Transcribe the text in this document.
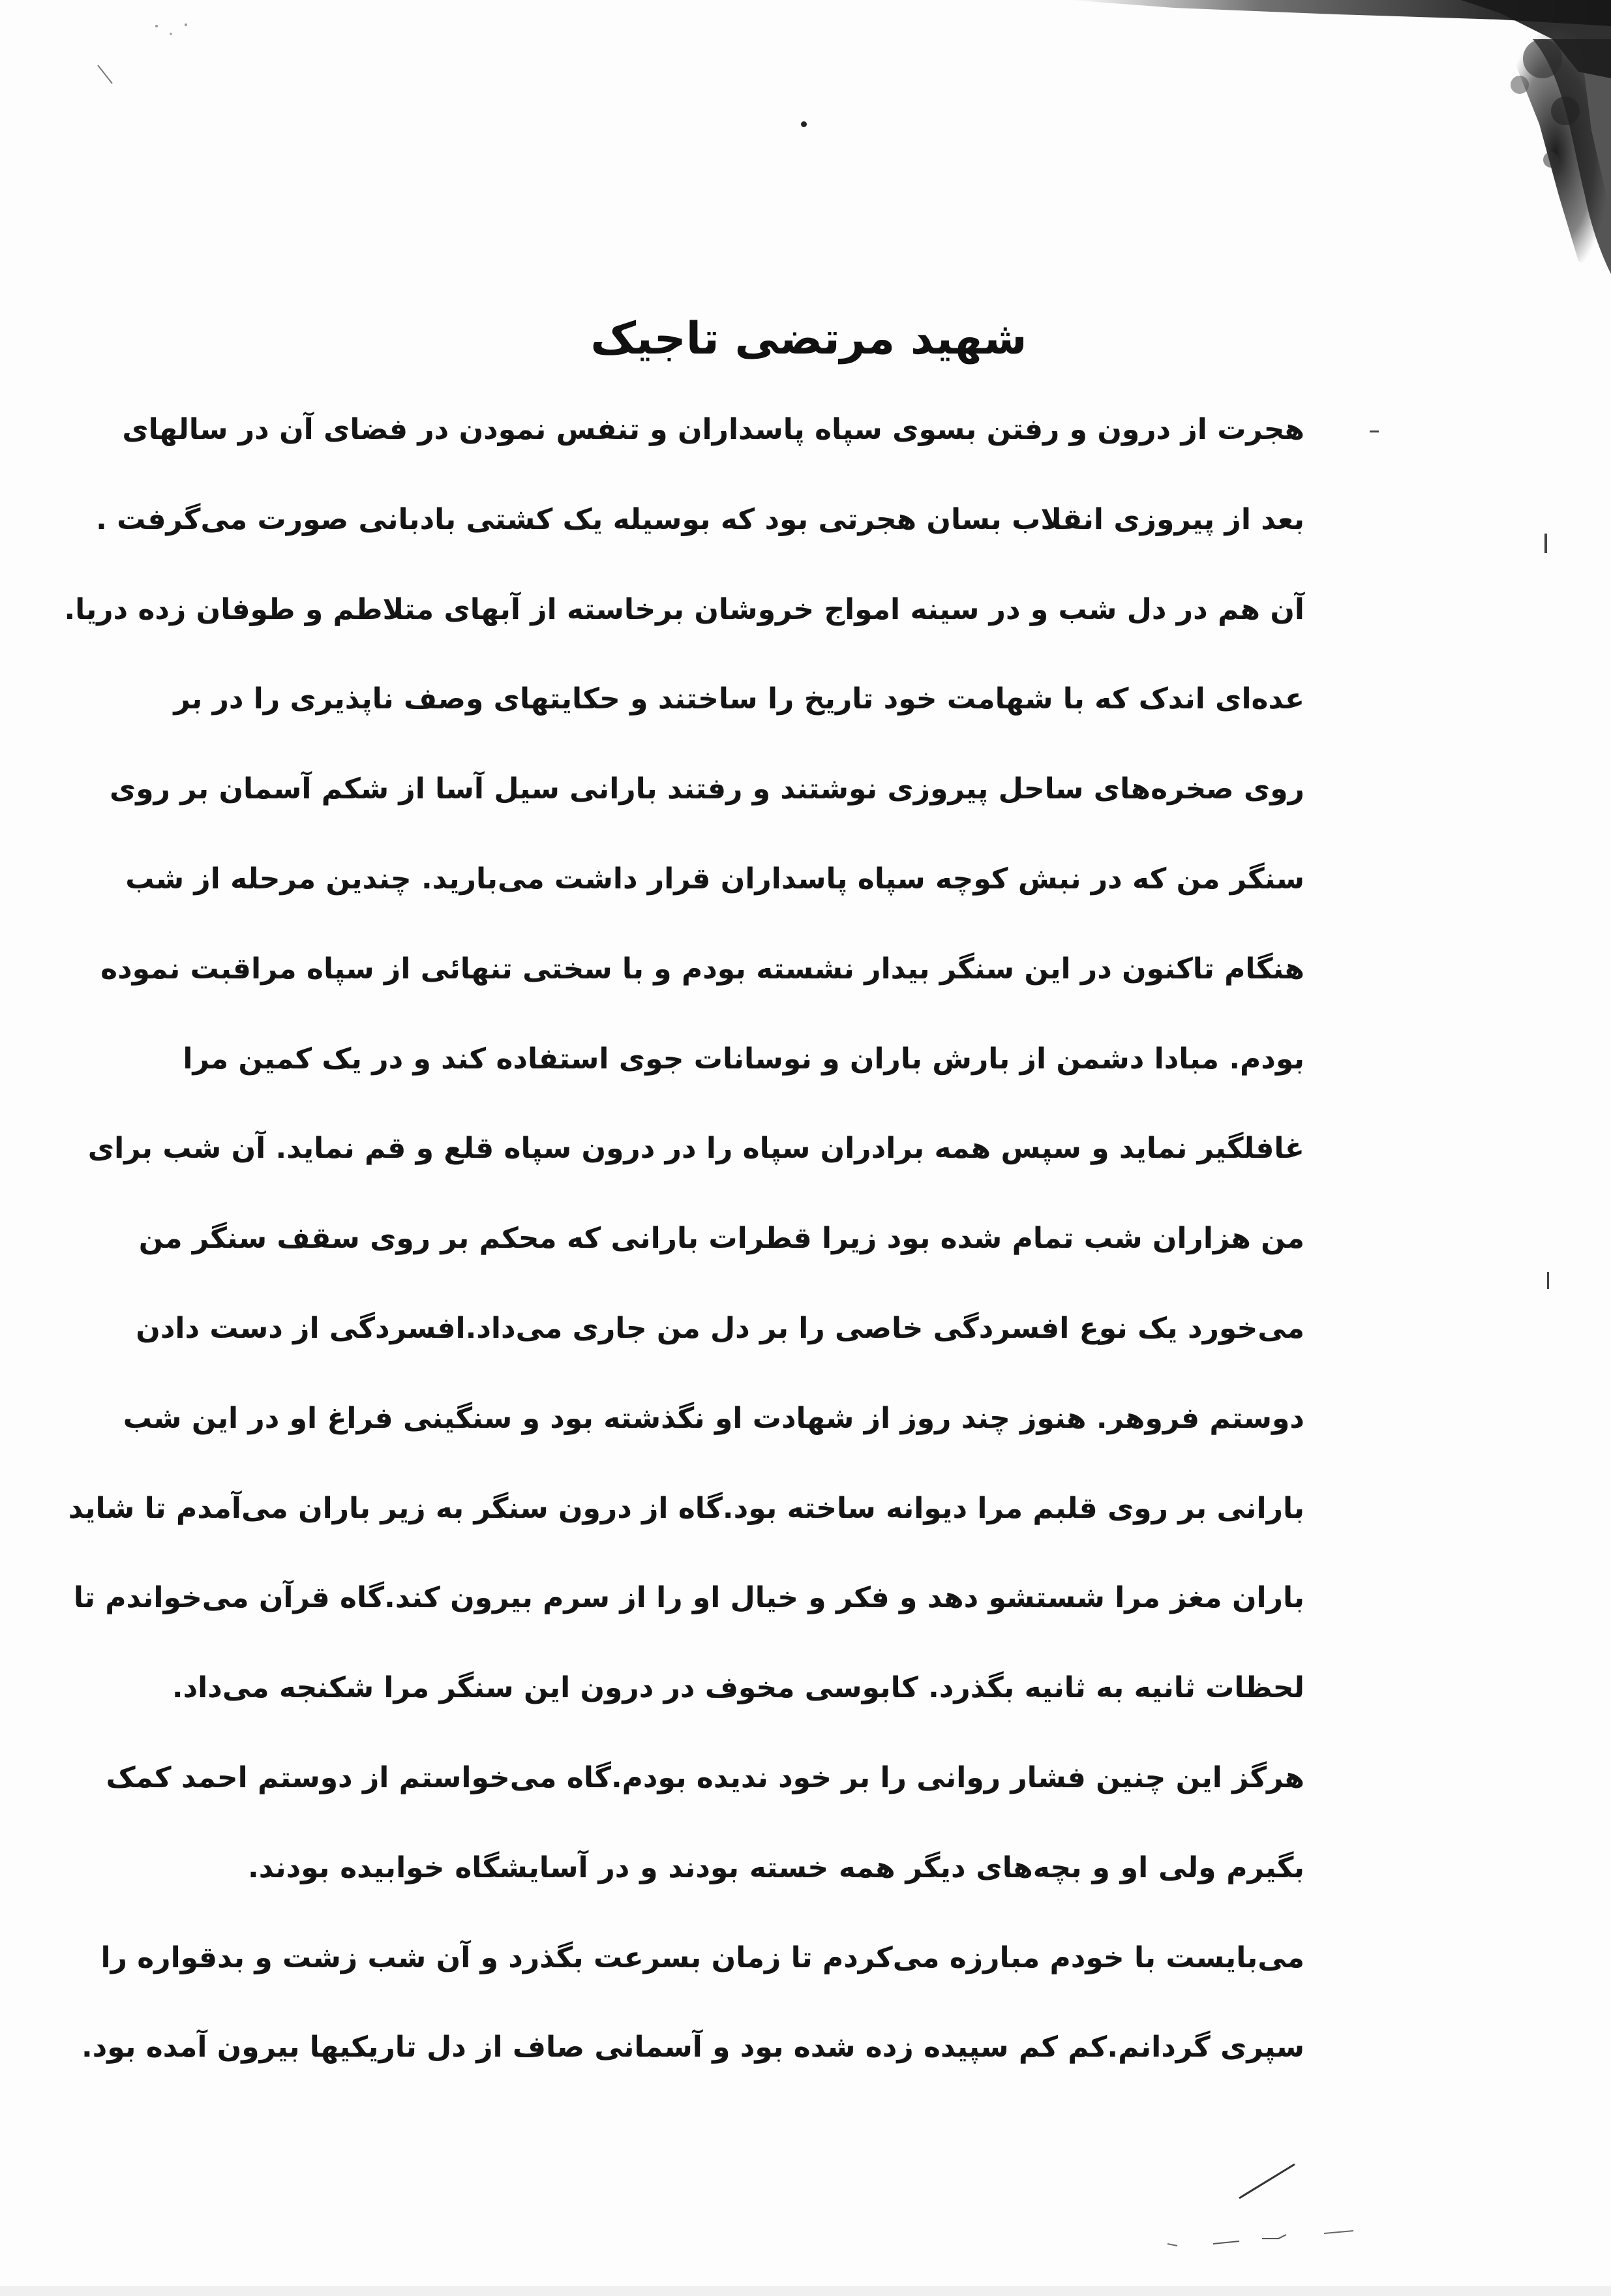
شهید مرتضی تاجیک
هجرت از درون و رفتن بسوی سپاه پاسداران و تنفس نمودن در فضای آن در سالهای
بعد از پیروزی انقلاب بسان هجرتی بود که بوسیله یک کشتی بادبانی صورت می‌گرفت .
آن هم در دل شب و در سینه امواج خروشان برخاسته از آبهای متلاطم و طوفان زده دریا.
عده‌ای اندک که با شهامت خود تاریخ را ساختند و حکایتهای وصف ناپذیری را در بر
روی صخره‌های ساحل پیروزی نوشتند و رفتند بارانی سیل آسا از شکم آسمان بر روی
سنگر من که در نبش کوچه سپاه پاسداران قرار داشت می‌بارید. چندین مرحله از شب
هنگام تاکنون در این سنگر بیدار نشسته بودم و با سختی تنهائی از سپاه مراقبت نموده
بودم. مبادا دشمن از بارش باران و نوسانات جوی استفاده کند و در یک کمین مرا
غافلگیر نماید و سپس همه برادران سپاه را در درون سپاه قلع و قم نماید. آن شب برای
من هزاران شب تمام شده بود زیرا قطرات بارانی که محکم بر روی سقف سنگر من
می‌خورد یک نوع افسردگی خاصی را بر دل من جاری می‌داد.افسردگی از دست دادن
دوستم فروهر. هنوز چند روز از شهادت او نگذشته بود و سنگینی فراغ او در این شب
بارانی بر روی قلبم مرا دیوانه ساخته بود.گاه از درون سنگر به زیر باران می‌آمدم تا شاید
باران مغز مرا شستشو دهد و فکر و خیال او را از سرم بیرون کند.گاه قرآن می‌خواندم تا
لحظات ثانیه به ثانیه بگذرد. کابوسی مخوف در درون این سنگر مرا شکنجه می‌داد.
هرگز این چنین فشار روانی را بر خود ندیده بودم.گاه می‌خواستم از دوستم احمد کمک
بگیرم ولی او و بچه‌های دیگر همه خسته بودند و در آسایشگاه خوابیده بودند.
می‌بایست با خودم مبارزه می‌کردم تا زمان بسرعت بگذرد و آن شب زشت و بدقواره را
سپری گردانم.کم کم سپیده زده شده بود و آسمانی صاف از دل تاریکیها بیرون آمده بود.
